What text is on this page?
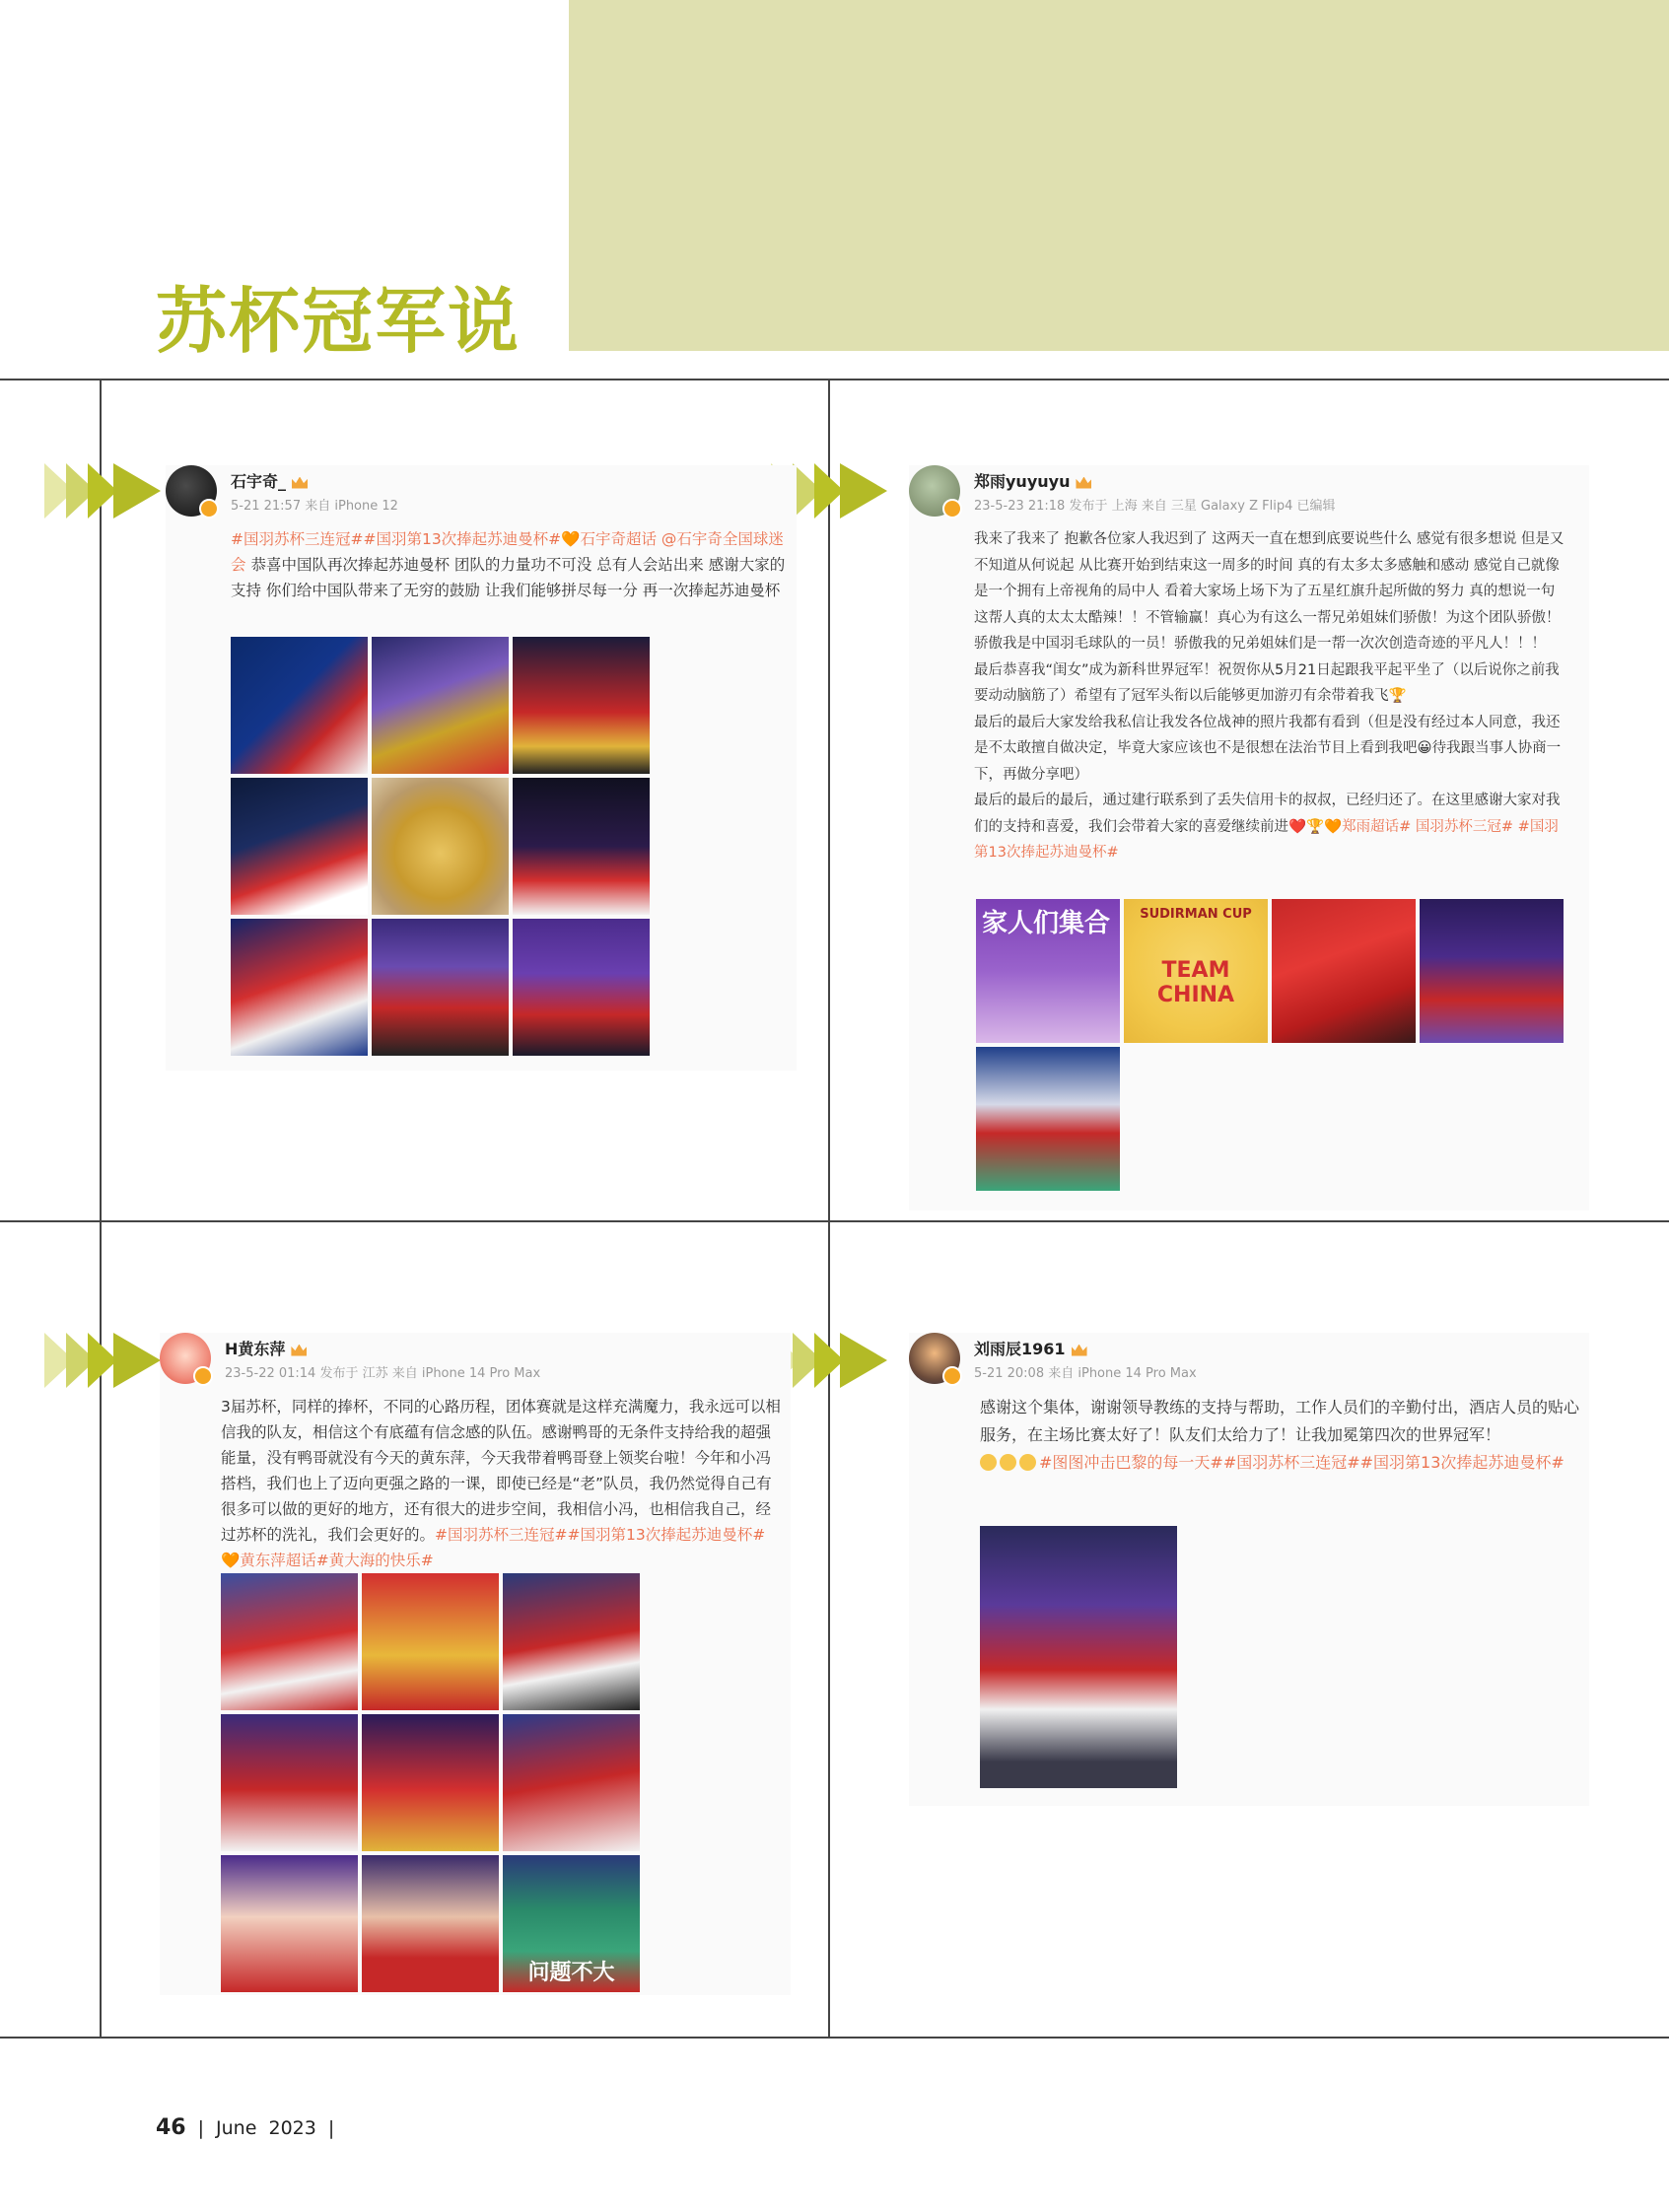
苏杯冠军说
石宇奇_
5-21 21:57 来自 iPhone 12
#国羽苏杯三连冠##国羽第13次捧起苏迪曼杯#🧡石宇奇超话 @石宇奇全国球迷会 恭喜中国队再次捧起苏迪曼杯 团队的力量功不可没 总有人会站出来 感谢大家的支持 你们给中国队带来了无穷的鼓励 让我们能够拼尽每一分 再一次捧起苏迪曼杯
郑雨yuyuyu
23-5-23 21:18 发布于 上海 来自 三星 Galaxy Z Flip4 已编辑
我来了我来了 抱歉各位家人我迟到了 这两天一直在想到底要说些什么 感觉有很多想说 但是又不知道从何说起 从比赛开始到结束这一周多的时间 真的有太多太多感触和感动 感觉自己就像是一个拥有上帝视角的局中人 看着大家场上场下为了五星红旗升起所做的努力 真的想说一句这帮人真的太太太酷辣！！不管输赢！真心为有这么一帮兄弟姐妹们骄傲！为这个团队骄傲！骄傲我是中国羽毛球队的一员！骄傲我的兄弟姐妹们是一帮一次次创造奇迹的平凡人！！！
最后恭喜我“闺女”成为新科世界冠军！祝贺你从5月21日起跟我平起平坐了（以后说你之前我要动动脑筋了）希望有了冠军头衔以后能够更加游刃有余带着我飞🏆
最后的最后大家发给我私信让我发各位战神的照片我都有看到（但是没有经过本人同意，我还是不太敢擅自做决定，毕竟大家应该也不是很想在法治节目上看到我吧😀待我跟当事人协商一下，再做分享吧）
最后的最后的最后，通过建行联系到了丢失信用卡的叔叔，已经归还了。在这里感谢大家对我们的支持和喜爱，我们会带着大家的喜爱继续前进❤️🏆🧡郑雨超话# 国羽苏杯三冠# #国羽第13次捧起苏迪曼杯#
家人们集合	SUDIRMAN CUP
TEAM CHINA
H黄东萍
23-5-22 01:14 发布于 江苏 来自 iPhone 14 Pro Max
3届苏杯，同样的捧杯，不同的心路历程，团体赛就是这样充满魔力，我永远可以相信我的队友，相信这个有底蕴有信念感的队伍。感谢鸭哥的无条件支持给我的超强能量，没有鸭哥就没有今天的黄东萍，今天我带着鸭哥登上领奖台啦！今年和小冯搭档，我们也上了迈向更强之路的一课，即使已经是“老”队员，我仍然觉得自己有很多可以做的更好的地方，还有很大的进步空间，我相信小冯，也相信我自己，经过苏杯的洗礼，我们会更好的。#国羽苏杯三连冠##国羽第13次捧起苏迪曼杯#🧡黄东萍超话#黄大海的快乐#
问题不大
刘雨辰1961
5-21 20:08 来自 iPhone 14 Pro Max
感谢这个集体，谢谢领导教练的支持与帮助，工作人员们的辛勤付出，酒店人员的贴心服务，在主场比赛太好了！队友们太给力了！让我加冕第四次的世界冠军！
#图图冲击巴黎的每一天##国羽苏杯三连冠##国羽第13次捧起苏迪曼杯#
46 | June  2023 |
